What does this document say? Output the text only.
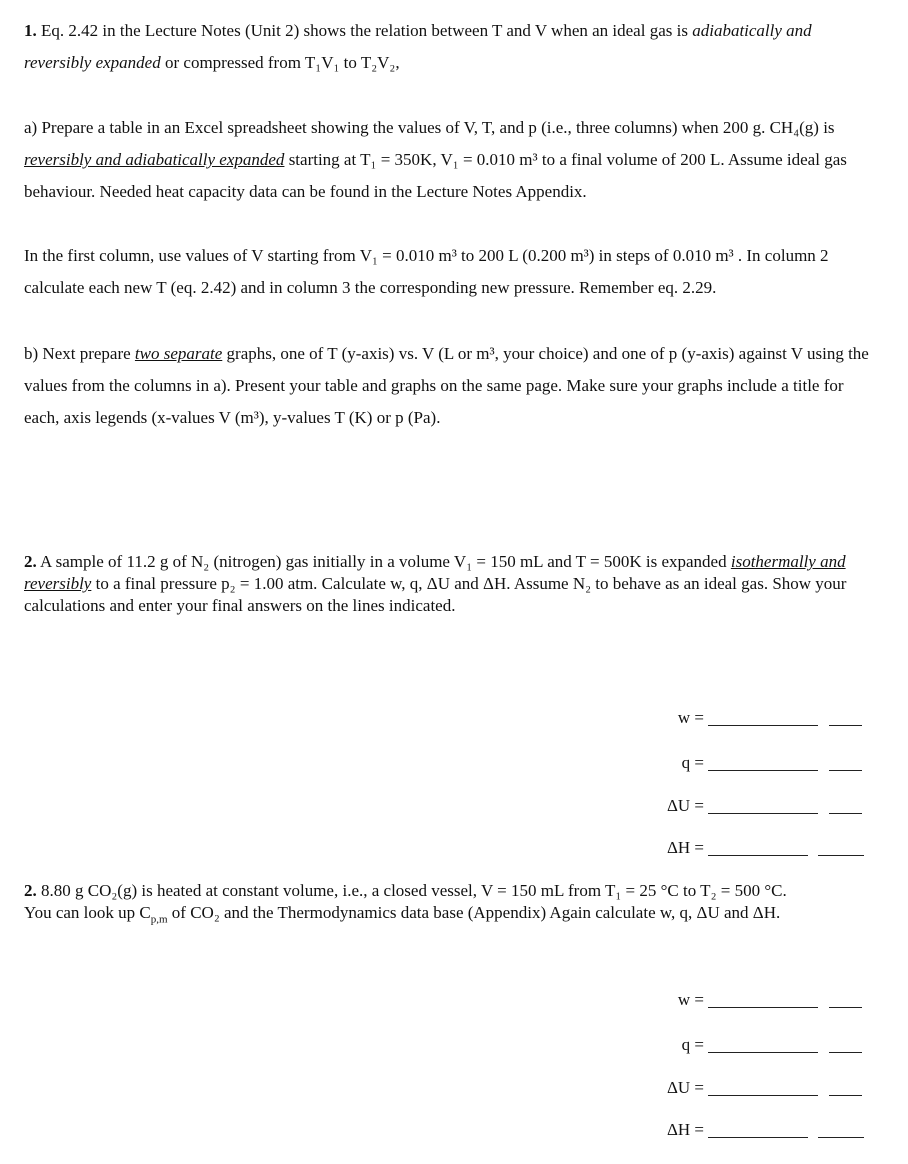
1. Eq. 2.42 in the Lecture Notes (Unit 2) shows the relation between T and V when an ideal gas is adiabatically and reversibly expanded or compressed from T₁V₁ to T₂V₂,
a) Prepare a table in an Excel spreadsheet showing the values of V, T, and p (i.e., three columns) when 200 g. CH₄(g) is reversibly and adiabatically expanded starting at T₁ = 350K, V₁ = 0.010 m³ to a final volume of 200 L. Assume ideal gas behaviour. Needed heat capacity data can be found in the Lecture Notes Appendix.
In the first column, use values of V starting from V₁ = 0.010 m³ to 200 L (0.200 m³) in steps of 0.010 m³ . In column 2 calculate each new T (eq. 2.42) and in column 3 the corresponding new pressure. Remember eq. 2.29.
b) Next prepare two separate graphs, one of T (y-axis) vs. V (L or m³, your choice) and one of p (y-axis) against V using the values from the columns in a). Present your table and graphs on the same page. Make sure your graphs include a title for each, axis legends (x-values V (m³), y-values T (K) or p (Pa).
2. A sample of 11.2 g of N₂ (nitrogen) gas initially in a volume V₁ = 150 mL and T = 500K is expanded isothermally and reversibly to a final pressure p₂ = 1.00 atm. Calculate w, q, ΔU and ΔH. Assume N₂ to behave as an ideal gas. Show your calculations and enter your final answers on the lines indicated.
w =
q =
ΔU =
ΔH =
2. 8.80 g CO₂(g) is heated at constant volume, i.e., a closed vessel, V = 150 mL from T₁ = 25 °C to T₂ = 500 °C.
You can look up $C_{p,m}$ of CO₂ and the Thermodynamics data base (Appendix) Again calculate w, q, ΔU and ΔH.
w =
q =
ΔU =
ΔH =
